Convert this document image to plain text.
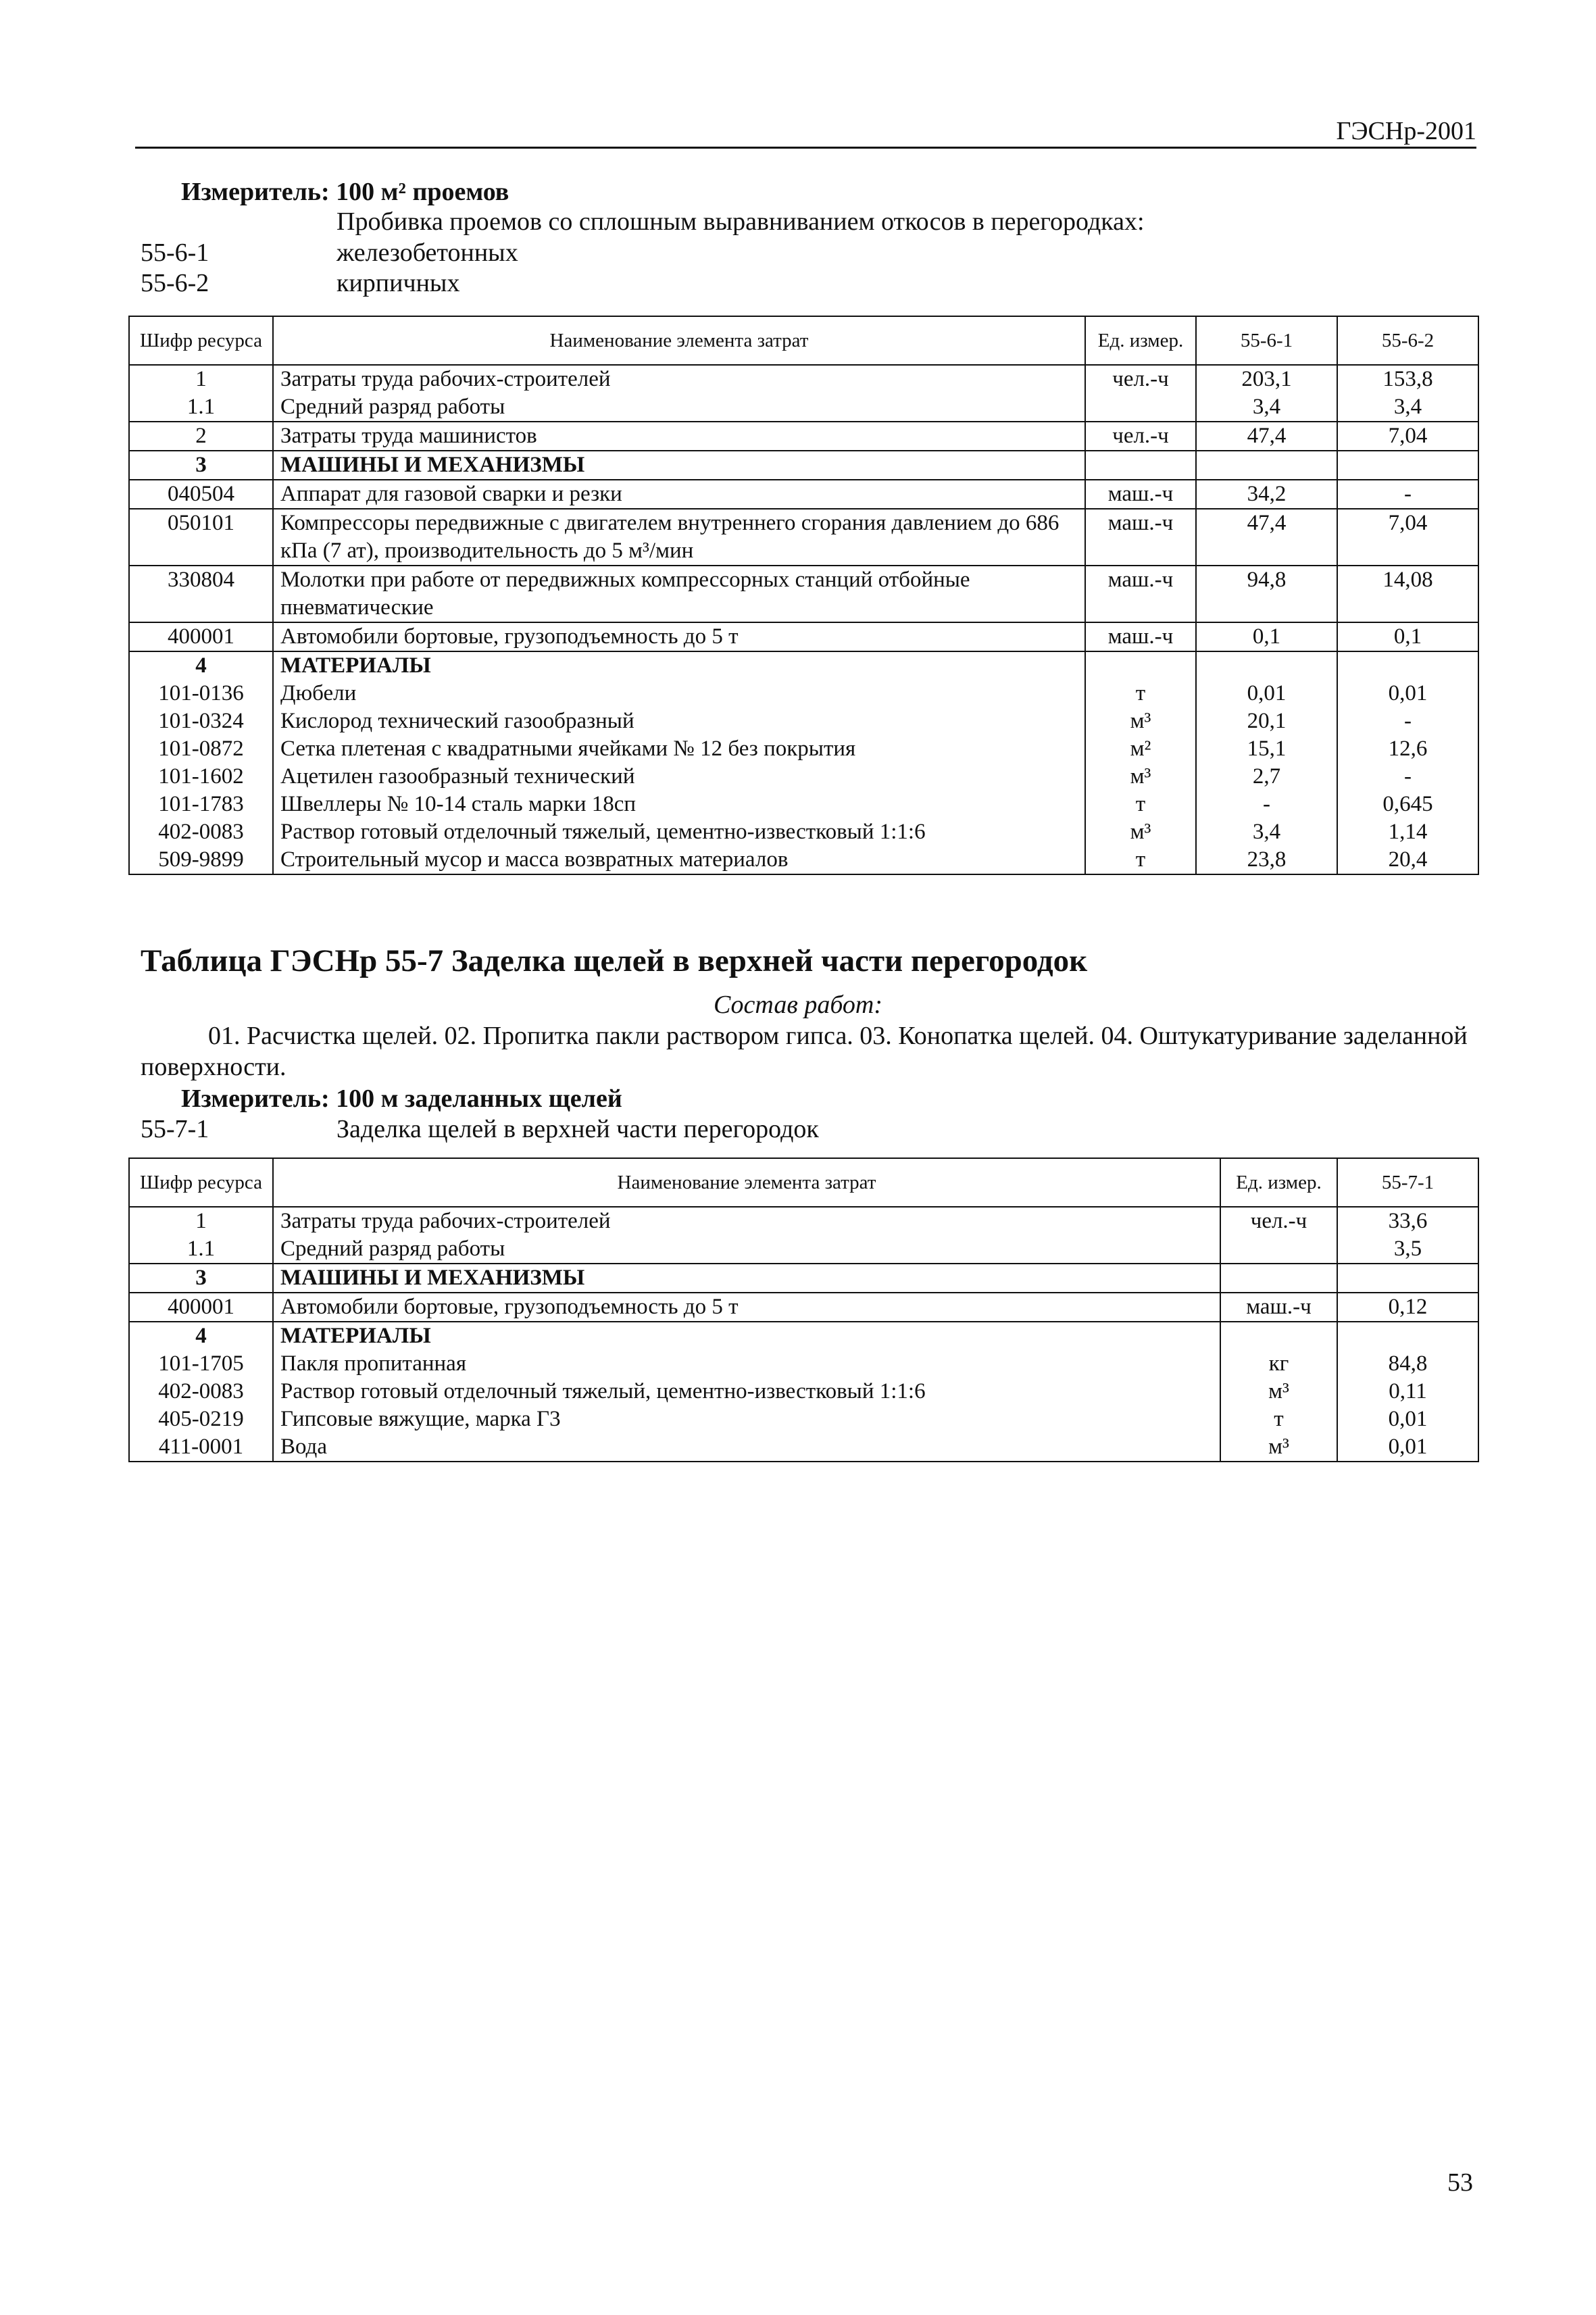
ГЭСНр-2001
Измеритель: 100 м² проемов
Пробивка проемов со сплошным выравниванием откосов в перегородках:
55-6-1	железобетонных
55-6-2	кирпичных
Шифр ресурса	Наименование элемента затрат	Ед. измер.	55-6-1	55-6-2
1	Затраты труда рабочих-строителей	чел.-ч	203,1	153,8
1.1	Средний разряд работы		3,4	3,4
2	Затраты труда машинистов	чел.-ч	47,4	7,04
3	МАШИНЫ И МЕХАНИЗМЫ			
040504	Аппарат для газовой сварки и резки	маш.-ч	34,2	-
050101	Компрессоры передвижные с двигателем внутреннего сгорания давлением до 686 кПа (7 ат), производительность до 5 м³/мин	маш.-ч	47,4	7,04
330804	Молотки при работе от передвижных компрессорных станций отбойные пневматические	маш.-ч	94,8	14,08
400001	Автомобили бортовые, грузоподъемность до 5 т	маш.-ч	0,1	0,1
4	МАТЕРИАЛЫ			
101-0136	Дюбели	т	0,01	0,01
101-0324	Кислород технический газообразный	м³	20,1	-
101-0872	Сетка плетеная с квадратными ячейками № 12 без покрытия	м²	15,1	12,6
101-1602	Ацетилен газообразный технический	м³	2,7	-
101-1783	Швеллеры № 10-14 сталь марки 18сп	т	-	0,645
402-0083	Раствор готовый отделочный тяжелый, цементно-известковый 1:1:6	м³	3,4	1,14
509-9899	Строительный мусор и масса возвратных материалов	т	23,8	20,4
Таблица ГЭСНр 55-7 Заделка щелей в верхней части перегородок
Состав работ:
01. Расчистка щелей. 02. Пропитка пакли раствором гипса. 03. Конопатка щелей. 04. Оштукатуривание заделанной поверхности.
Измеритель: 100 м заделанных щелей
55-7-1	Заделка щелей в верхней части перегородок
Шифр ресурса	Наименование элемента затрат	Ед. измер.	55-7-1
1	Затраты труда рабочих-строителей	чел.-ч	33,6
1.1	Средний разряд работы		3,5
3	МАШИНЫ И МЕХАНИЗМЫ		
400001	Автомобили бортовые, грузоподъемность до 5 т	маш.-ч	0,12
4	МАТЕРИАЛЫ		
101-1705	Пакля пропитанная	кг	84,8
402-0083	Раствор готовый отделочный тяжелый, цементно-известковый 1:1:6	м³	0,11
405-0219	Гипсовые вяжущие, марка Г3	т	0,01
411-0001	Вода	м³	0,01
53
